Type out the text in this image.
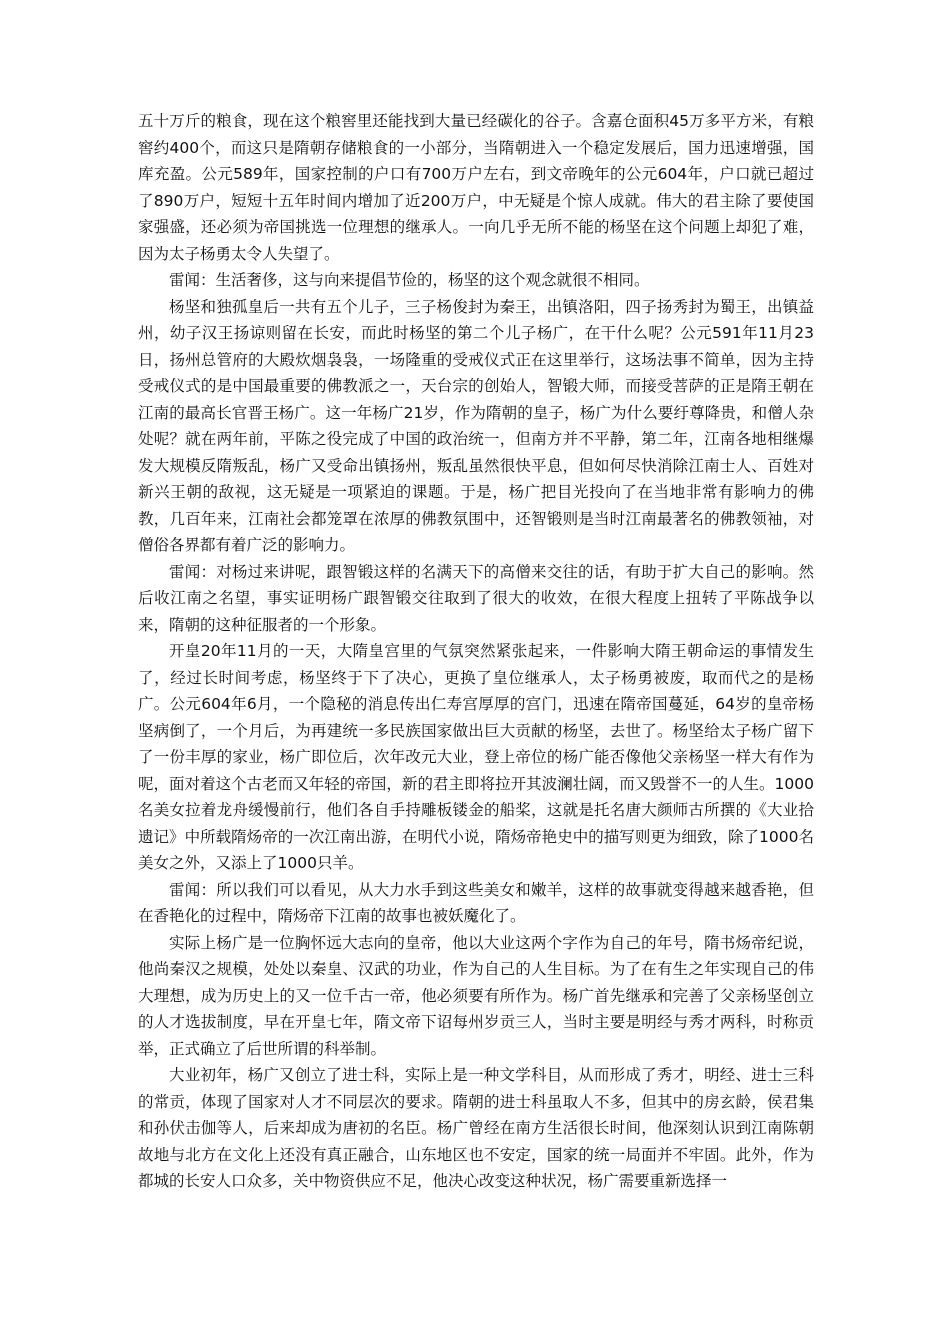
五十万斤的粮食，现在这个粮窖里还能找到大量已经碳化的谷子。含嘉仓面积45万多平方米，有粮窖约400个，而这只是隋朝存储粮食的一小部分，当隋朝进入一个稳定发展后，国力迅速增强，国库充盈。公元589年，国家控制的户口有700万户左右，到文帝晚年的公元604年，户口就已超过了890万户，短短十五年时间内增加了近200万户，中无疑是个惊人成就。伟大的君主除了要使国家强盛，还必须为帝国挑选一位理想的继承人。一向几乎无所不能的杨坚在这个问题上却犯了难，因为太子杨勇太令人失望了。

雷闻：生活奢侈，这与向来提倡节俭的，杨坚的这个观念就很不相同。

杨坚和独孤皇后一共有五个儿子，三子杨俊封为秦王，出镇洛阳，四子扬秀封为蜀王，出镇益州，幼子汉王扬谅则留在长安，而此时杨坚的第二个儿子杨广，在干什么呢？公元591年11月23日，扬州总管府的大殿炊烟袅袅，一场隆重的受戒仪式正在这里举行，这场法事不简单，因为主持受戒仪式的是中国最重要的佛教派之一，天台宗的创始人，智锻大师，而接受菩萨的正是隋王朝在江南的最高长官晋王杨广。这一年杨广21岁，作为隋朝的皇子，杨广为什么要纡尊降贵，和僧人杂处呢？就在两年前，平陈之役完成了中国的政治统一，但南方并不平静，第二年，江南各地相继爆发大规模反隋叛乱，杨广又受命出镇扬州，叛乱虽然很快平息，但如何尽快消除江南士人、百姓对新兴王朝的敌视，这无疑是一项紧迫的课题。于是，杨广把目光投向了在当地非常有影响力的佛教，几百年来，江南社会都笼罩在浓厚的佛教氛围中，还智锻则是当时江南最著名的佛教领袖，对僧俗各界都有着广泛的影响力。

雷闻：对杨过来讲呢，跟智锻这样的名满天下的高僧来交往的话，有助于扩大自己的影响。然后收江南之名望，事实证明杨广跟智锻交往取到了很大的收效，在很大程度上扭转了平陈战争以来，隋朝的这种征服者的一个形象。

开皇20年11月的一天，大隋皇宫里的气氛突然紧张起来，一件影响大隋王朝命运的事情发生了，经过长时间考虑，杨坚终于下了决心，更换了皇位继承人，太子杨勇被废，取而代之的是杨广。公元604年6月，一个隐秘的消息传出仁寿宫厚厚的宫门，迅速在隋帝国蔓延，64岁的皇帝杨坚病倒了，一个月后，为再建统一多民族国家做出巨大贡献的杨坚，去世了。杨坚给太子杨广留下了一份丰厚的家业，杨广即位后，次年改元大业，登上帝位的杨广能否像他父亲杨坚一样大有作为呢，面对着这个古老而又年轻的帝国，新的君主即将拉开其波澜壮阔，而又毁誉不一的人生。1000名美女拉着龙舟缓慢前行，他们各自手持雕板镂金的船桨，这就是托名唐大颜师古所撰的《大业拾遗记》中所载隋炀帝的一次江南出游，在明代小说，隋炀帝艳史中的描写则更为细致，除了1000名美女之外，又添上了1000只羊。

雷闻：所以我们可以看见，从大力水手到这些美女和嫩羊，这样的故事就变得越来越香艳，但在香艳化的过程中，隋炀帝下江南的故事也被妖魔化了。

实际上杨广是一位胸怀远大志向的皇帝，他以大业这两个字作为自己的年号，隋书炀帝纪说，他尚秦汉之规模，处处以秦皇、汉武的功业，作为自己的人生目标。为了在有生之年实现自己的伟大理想，成为历史上的又一位千古一帝，他必须要有所作为。杨广首先继承和完善了父亲杨坚创立的人才选拔制度，早在开皇七年，隋文帝下诏每州岁贡三人，当时主要是明经与秀才两科，时称贡举，正式确立了后世所谓的科举制。

大业初年，杨广又创立了进士科，实际上是一种文学科目，从而形成了秀才，明经、进士三科的常贡，体现了国家对人才不同层次的要求。隋朝的进士科虽取人不多，但其中的房玄龄，侯君集和孙伏击伽等人，后来却成为唐初的名臣。杨广曾经在南方生活很长时间，他深刻认识到江南陈朝故地与北方在文化上还没有真正融合，山东地区也不安定，国家的统一局面并不牢固。此外，作为都城的长安人口众多，关中物资供应不足，他决心改变这种状况，杨广需要重新选择一
